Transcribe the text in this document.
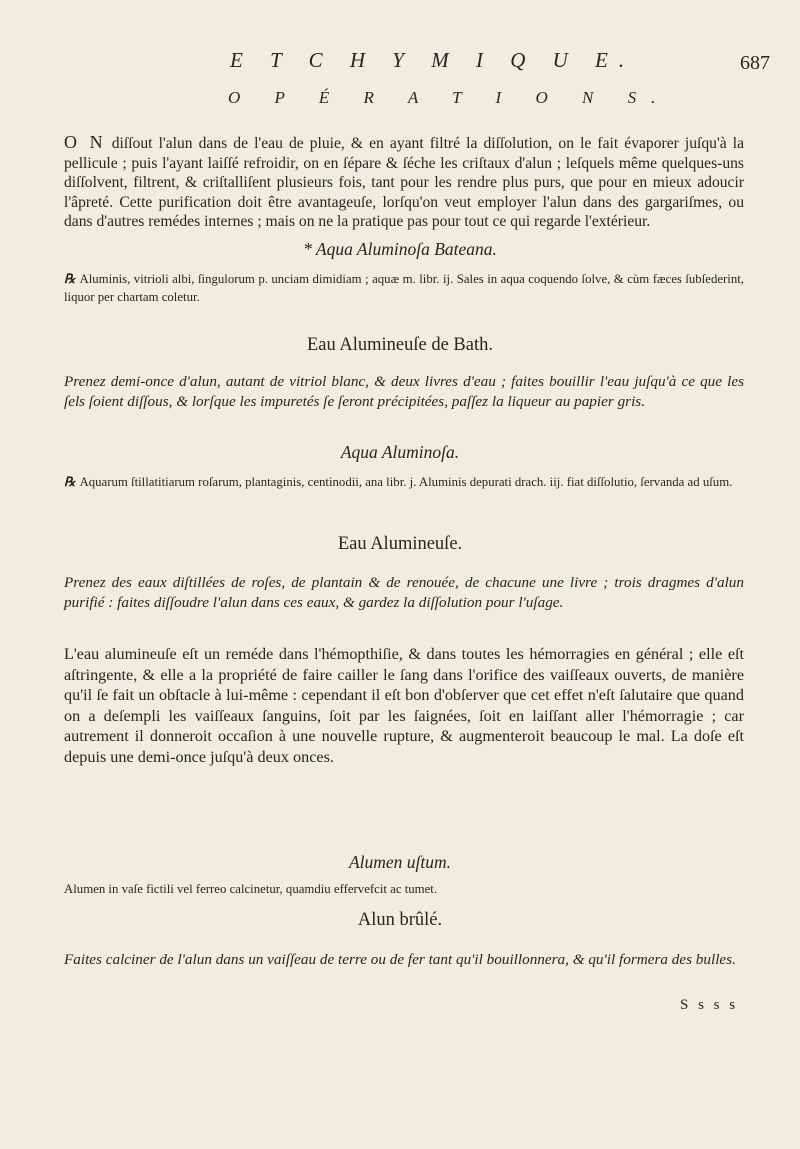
E T C H Y M I Q U E.	687
O P É R A T I O N S.
O N diſſout l'alun dans de l'eau de pluie, & en ayant filtré la diſſolution, on le fait évaporer juſqu'à la pellicule ; puis l'ayant laiſſé refroidir, on en ſépare & ſéche les criſtaux d'alun ; leſquels même quelques-uns diſſolvent, filtrent, & criſtalliſent plusieurs fois, tant pour les rendre plus purs, que pour en mieux adoucir l'âpreté. Cette purification doit être avantageuſe, lorſqu'on veut employer l'alun dans des gargariſmes, ou dans d'autres remédes internes ; mais on ne la pratique pas pour tout ce qui regarde l'extérieur.
* Aqua Aluminoſa Bateana.
℞ Aluminis, vitrioli albi, ſingulorum p. unciam dimidiam ; aquæ m. libr. ij. Sales in aqua coquendo ſolve, & cùm fæces ſubſederint, liquor per chartam coletur.
Eau Alumineuſe de Bath.
Prenez demi-once d'alun, autant de vitriol blanc, & deux livres d'eau ; faites bouillir l'eau juſqu'à ce que les ſels ſoient diſſous, & lorſque les impuretés ſe ſeront précipitées, paſſez la liqueur au papier gris.
Aqua Aluminoſa.
℞ Aquarum ſtillatitiarum roſarum, plantaginis, centinodii, ana libr. j. Aluminis depurati drach. iij. fiat diſſolutio, ſervanda ad uſum.
Eau Alumineuſe.
Prenez des eaux diſtillées de roſes, de plantain & de renouée, de chacune une livre ; trois dragmes d'alun purifié : faites diſſoudre l'alun dans ces eaux, & gardez la diſſolution pour l'uſage.
L'eau alumineuſe eſt un reméde dans l'hémopthiſie, & dans toutes les hémorragies en général ; elle eſt aſtringente, & elle a la propriété de faire cailler le ſang dans l'orifice des vaiſſeaux ouverts, de manière qu'il ſe fait un obſtacle à lui-même : cependant il eſt bon d'obſerver que cet effet n'eſt ſalutaire que quand on a deſempli les vaiſſeaux ſanguins, ſoit par les ſaignées, ſoit en laiſſant aller l'hémorragie ; car autrement il donneroit occaſion à une nouvelle rupture, & augmenteroit beaucoup le mal. La doſe eſt depuis une demi-once juſqu'à deux onces.
Alumen uſtum.
Alumen in vaſe fictili vel ferreo calcinetur, quamdiu effervefcit ac tumet.
Alun brûlé.
Faites calciner de l'alun dans un vaiſſeau de terre ou de fer tant qu'il bouillonnera, & qu'il formera des bulles.
S s s s
